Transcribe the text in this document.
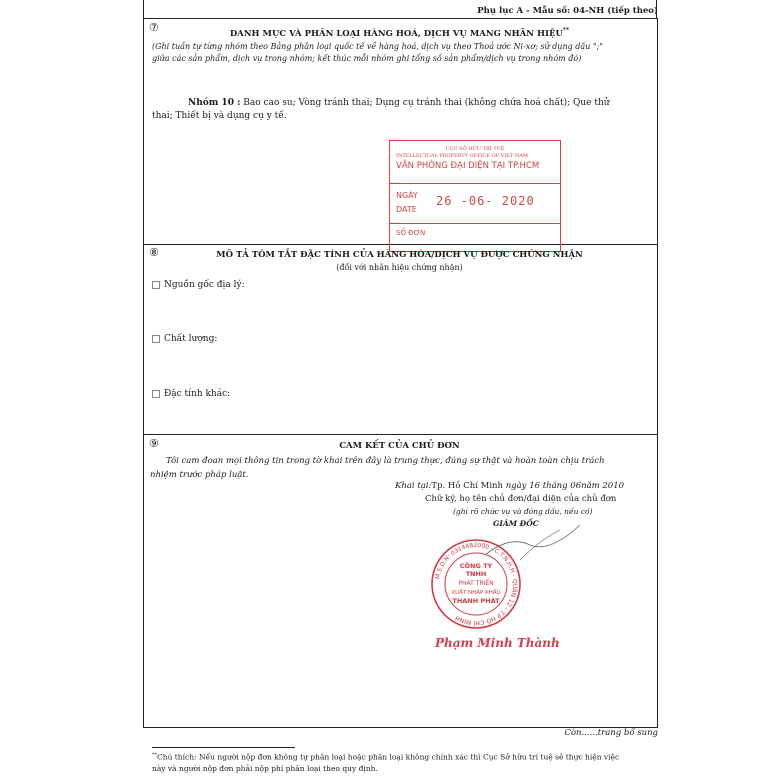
Phụ lục A - Mẫu số: 04-NH (tiếp theo)
⑦	DANH MỤC VÀ PHÂN LOẠI HÀNG HOÁ, DỊCH VỤ MANG NHÃN HIỆU**
(Ghi tuần tự từng nhóm theo Bảng phân loại quốc tế về hàng hoá, dịch vụ theo Thoả ước Ni-xơ; sử dụng dấu ";"
giữa các sản phẩm, dịch vụ trong nhóm; kết thúc mỗi nhóm ghi tổng số sản phẩm/dịch vụ trong nhóm đó)
Nhóm 10 : Bao cao su; Vòng tránh thai; Dụng cụ tránh thai (không chứa hoá chất); Que thử
thai; Thiết bị và dụng cụ y tế.
CỤC SỞ HỮU TRÍ TUỆ
INTELLECTUAL PROPERTY OFFICE OF VIET NAM
VĂN PHÒNG ĐẠI DIỆN TẠI TP.HCM
NGÀY
DATE
26 -06- 2020
SỐ ĐƠN
⑧	MÔ TẢ TÓM TẮT ĐẶC TÍNH CỦA HÀNG HÓA/DỊCH VỤ ĐƯỢC CHỨNG NHẬN
(đối với nhãn hiệu chứng nhận)
Nguồn gốc địa lý:
Chất lượng:
Đặc tính khác:
⑨	CAM KẾT CỦA CHỦ ĐƠN
Tôi cam đoan mọi thông tin trong tờ khai trên đây là trung thực, đúng sự thật và hoàn toàn chịu trách
nhiệm trước pháp luật.
Khai tại:Tp. Hồ Chí Minh ngày 16 tháng 06năm 2010
Chữ ký, họ tên chủ đơn/đại diện của chủ đơn
(ghi rõ chức vụ và đóng dấu, nếu có)
GIÁM ĐỐC
M.S.D.N: 0314482000 - C.T.N.H.H - QUẬN 12 - T.P HỒ CHÍ MINH
CÔNG TY
TNHH
PHÁT TRIỂN
XUẤT NHẬP KHẨU
THANH PHÁT
Phạm Minh Thành
Còn......trang bổ sung
**Chú thích: Nếu người nộp đơn không tự phân loại hoặc phân loại không chính xác thì Cục Sở hữu trí tuệ sẽ thực hiện việc
này và người nộp đơn phải nộp phí phân loại theo quy định.
